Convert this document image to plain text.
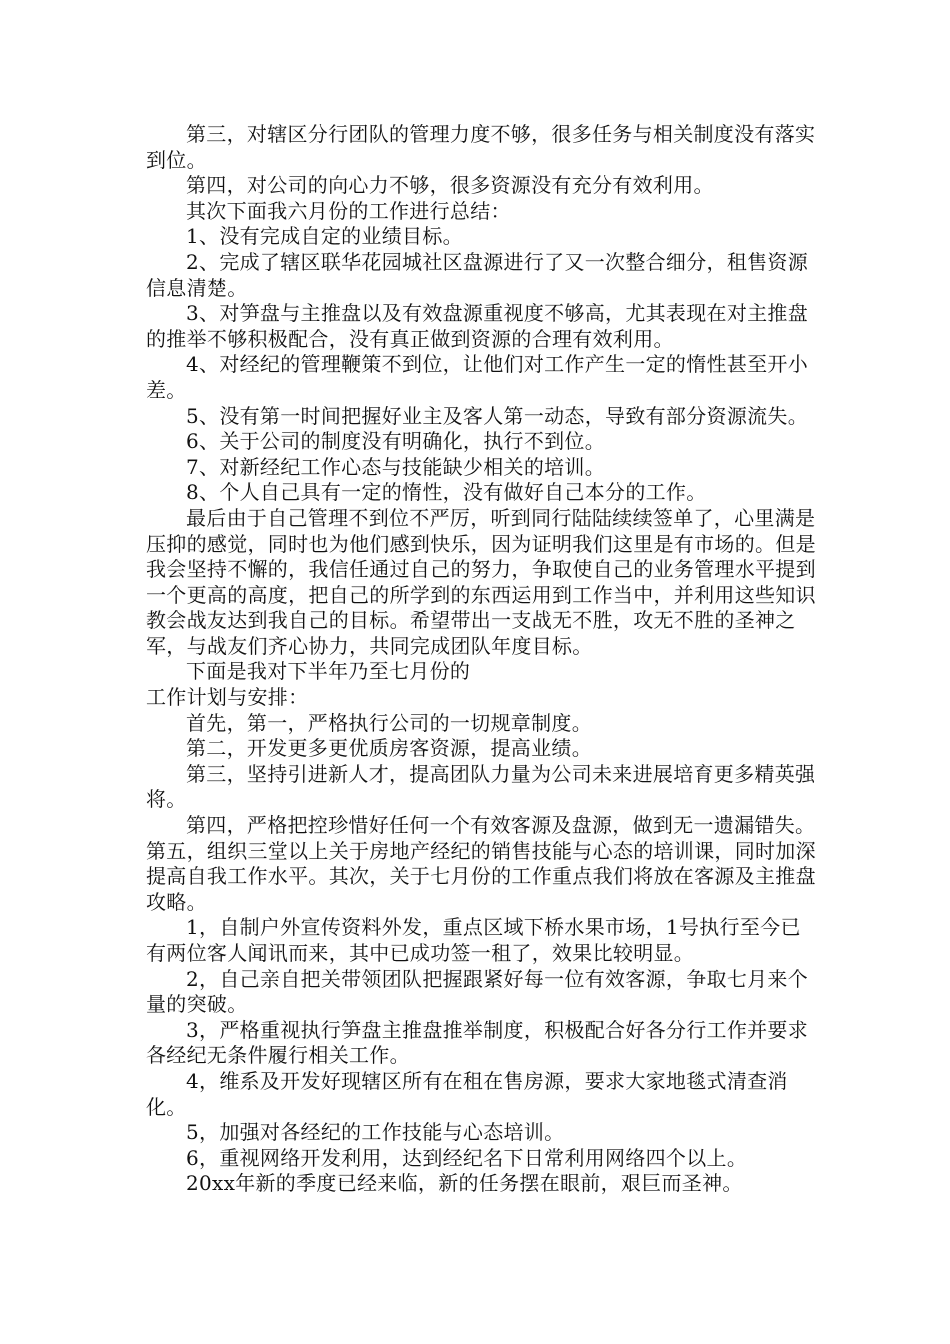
第三，对辖区分行团队的管理力度不够，很多任务与相关制度没有落实到位。

第四，对公司的向心力不够，很多资源没有充分有效利用。

其次下面我六月份的工作进行总结：

1、没有完成自定的业绩目标。

2、完成了辖区联华花园城社区盘源进行了又一次整合细分，租售资源信息清楚。

3、对笋盘与主推盘以及有效盘源重视度不够高，尤其表现在对主推盘的推举不够积极配合，没有真正做到资源的合理有效利用。

4、对经纪的管理鞭策不到位，让他们对工作产生一定的惰性甚至开小差。

5、没有第一时间把握好业主及客人第一动态，导致有部分资源流失。

6、关于公司的制度没有明确化，执行不到位。

7、对新经纪工作心态与技能缺少相关的培训。

8、个人自己具有一定的惰性，没有做好自己本分的工作。

最后由于自己管理不到位不严厉，听到同行陆陆续续签单了，心里满是压抑的感觉，同时也为他们感到快乐，因为证明我们这里是有市场的。但是我会坚持不懈的，我信任通过自己的努力，争取使自己的业务管理水平提到一个更高的高度，把自己的所学到的东西运用到工作当中，并利用这些知识教会战友达到我自己的目标。希望带出一支战无不胜，攻无不胜的圣神之军，与战友们齐心协力，共同完成团队年度目标。

下面是我对下半年乃至七月份的

工作计划与安排：

首先，第一，严格执行公司的一切规章制度。

第二，开发更多更优质房客资源，提高业绩。

第三，坚持引进新人才，提高团队力量为公司未来进展培育更多精英强将。

第四，严格把控珍惜好任何一个有效客源及盘源，做到无一遗漏错失。第五，组织三堂以上关于房地产经纪的销售技能与心态的培训课，同时加深提高自我工作水平。其次，关于七月份的工作重点我们将放在客源及主推盘攻略。

1，自制户外宣传资料外发，重点区域下桥水果市场，1号执行至今已有两位客人闻讯而来，其中已成功签一租了，效果比较明显。

2，自己亲自把关带领团队把握跟紧好每一位有效客源，争取七月来个量的突破。

3，严格重视执行笋盘主推盘推举制度，积极配合好各分行工作并要求各经纪无条件履行相关工作。

4，维系及开发好现辖区所有在租在售房源，要求大家地毯式清查消化。

5，加强对各经纪的工作技能与心态培训。

6，重视网络开发利用，达到经纪名下日常利用网络四个以上。

20xx年新的季度已经来临，新的任务摆在眼前，艰巨而圣神。
